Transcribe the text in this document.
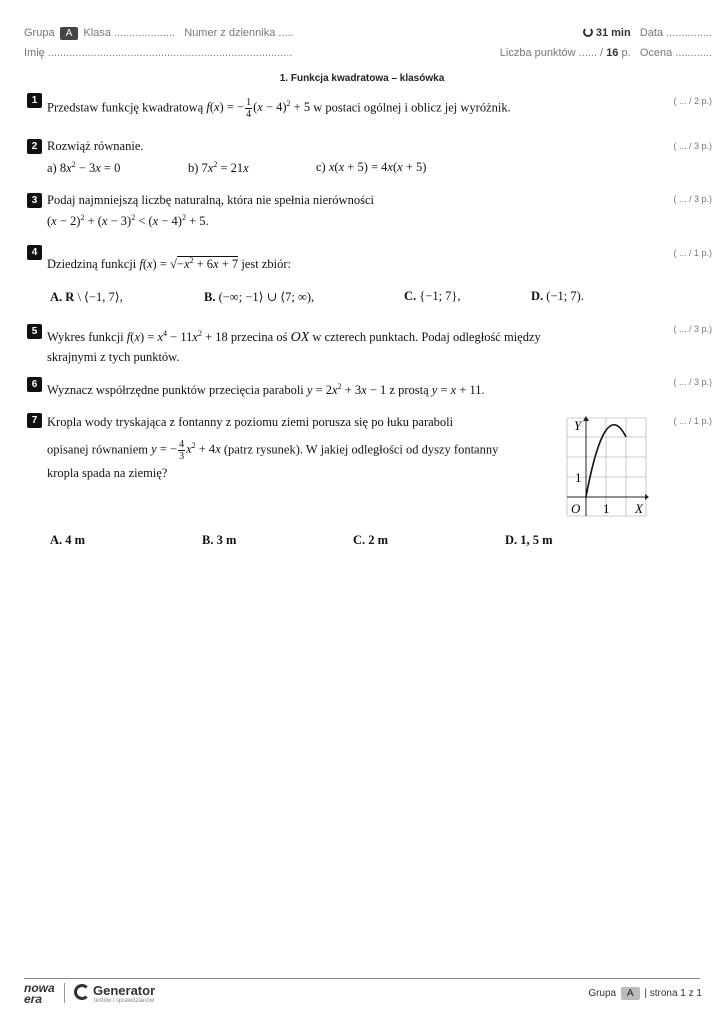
Grupa A Klasa .................... Numer z dziennika .....
Imię ................................................................................
31 min Data ...............
Liczba punktów ...... / 16 p. Ocena ............
1. Funkcja kwadratowa – klasówka
1 Przedstaw funkcję kwadratową f(x) = − $\frac{1}{4} (x - 4)^2 + 5$ w postaci ogólnej i oblicz jej wyróżnik.	( ... / 2 p.)
2 Rozwiąż równanie.	( ... / 3 p.)
a) $8x^2 - 3x = 0$	b) $7x^2 = 21x$	c) x(x + 5) = 4x(x + 5)
3 Podaj najmniejszą liczbę naturalną, która nie spełnia nierówności	( ... / 3 p.)
$(x - 2)^2 + (x - 3)^2 < (x - 4)^2 + 5$.
4
Dziedziną funkcji $f(x) = √-x^2 + 6x + 7$ jest zbiór:
( ... / 1 p.)
A. R \ ⟨−1, 7⟩,	B. (−∞; −1⟩ ∪ ⟨7; ∞),	C. {−1; 7},	D. (−1; 7).
5 Wykres funkcji $f(x) = x^4 - 11x^2 + 18$ przecina oś OX w czterech punktach. Podaj odległość między
skrajnymi z tych punktów.
( ... / 3 p.)
6 Wyznacz współrzędne punktów przecięcia paraboli $y = 2x^2 + 3x - 1$ z prostą y = x + 11.
( ... / 3 p.)
7 Kropla wody tryskająca z fontanny z poziomu ziemi porusza się po łuku paraboli
opisanej równaniem y = − $\frac{4}{3} x^2 + 4x$ (patrz rysunek). W jakiej odległości od dyszy fontanny
kropla spada na ziemię?
( ... / 1 p.)
Y
X
O 1
1
A. 4 m	B. 3 m	C. 2 m	D. 1, 5 m
nowa
era
Generator
testów i sprawdzianów
Grupa A | strona 1 z 1
